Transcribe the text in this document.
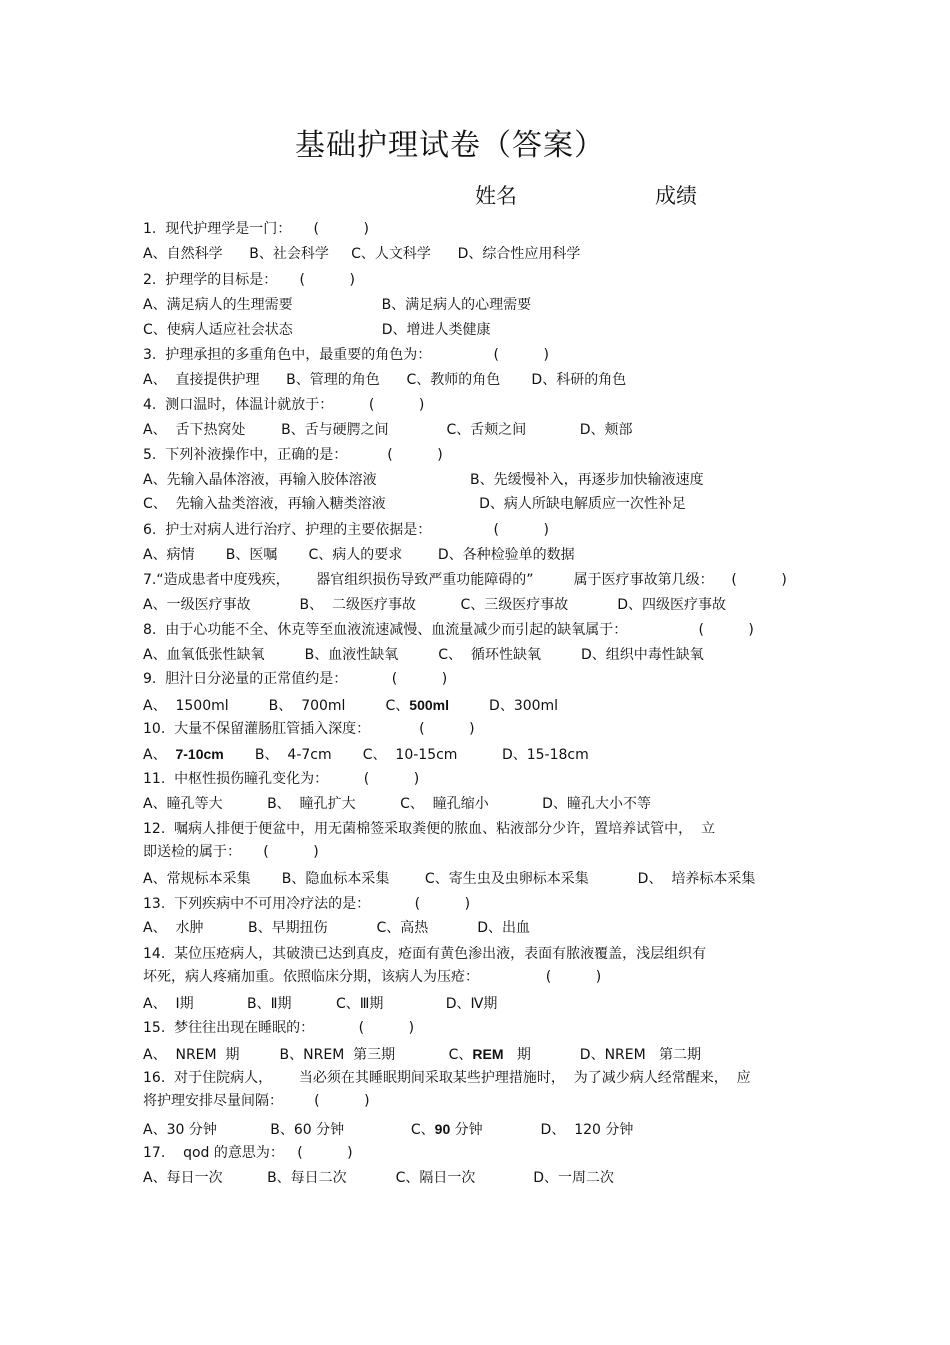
基础护理试卷（答案）
姓名	成绩
1.  现代护理学是一门：     (          )
A、自然科学      B、社会科学     C、人文科学      D、综合性应用科学
2.  护理学的目标是：     (          )
A、满足病人的生理需要                    B、满足病人的心理需要
C、使病人适应社会状态                    D、增进人类健康
3.  护理承担的多重角色中，最重要的角色为：              (          )
A、  直接提供护理      B、管理的角色      C、教师的角色       D、科研的角色
4.  测口温时，体温计就放于：        (          )
A、  舌下热窝处        B、舌与硬腭之间             C、舌颊之间            D、颊部
5.  下列补液操作中，正确的是：         (          )
A、先输入晶体溶液，再输入胶体溶液                     B、先缓慢补入，再逐步加快输液速度
C、  先输入盐类溶液，再输入糖类溶液                     D、病人所缺电解质应一次性补足
6.  护士对病人进行治疗、护理的主要依据是：              (          )
A、病情       B、医嘱       C、病人的要求        D、各种检验单的数据
7.“造成患者中度残疾，      器官组织损伤导致严重功能障碍的”         属于医疗事故第几级：    (          )
A、一级医疗事故           B、  二级医疗事故          C、三级医疗事故           D、四级医疗事故
8.  由于心功能不全、休克等至血液流速减慢、血流量减少而引起的缺氧属于：                (          )
A、血氧低张性缺氧         B、血液性缺氧         C、  循环性缺氧         D、组织中毒性缺氧
9.  胆汁日分泌量的正常值约是：          (          )
A、  1500ml         B、  700ml         C、500ml         D、300ml
10.  大量不保留灌肠肛管插入深度：           (          )
A、  7-10cm       B、  4-7cm       C、  10-15cm          D、15-18cm
11.  中枢性损伤瞳孔变化为：        (          )
A、瞳孔等大          B、  瞳孔扩大          C、  瞳孔缩小            D、瞳孔大小不等
12.  嘱病人排便于便盆中，用无菌棉签采取粪便的脓血、粘液部分少许，置培养试管中，  立
即送检的属于：     (          )
A、常规标本采集       B、隐血标本采集        C、寄生虫及虫卵标本采集           D、  培养标本采集
13.  下列疾病中不可用冷疗法的是：          (          )
A、  水肿          B、早期扭伤           C、高热           D、出血
14.  某位压疮病人，其破溃已达到真皮，疮面有黄色渗出液，表面有脓液覆盖，浅层组织有
坏死，病人疼痛加重。依照临床分期，该病人为压疮：               (          )
A、  Ⅰ期            B、Ⅱ期          C、Ⅲ期              D、Ⅳ期
15.  梦往往出现在睡眠的：          (          )
A、  NREM  期         B、NREM  第三期            C、REM   期           D、NREM   第二期
16.  对于住院病人，      当必须在其睡眠期间采取某些护理措施时，  为了减少病人经常醒来，  应
将护理安排尽量间隔：       (          )
A、30 分钟            B、60 分钟               C、90 分钟             D、  120 分钟
17.    qod 的意思为：   (          )
A、每日一次          B、每日二次           C、隔日一次             D、一周二次
